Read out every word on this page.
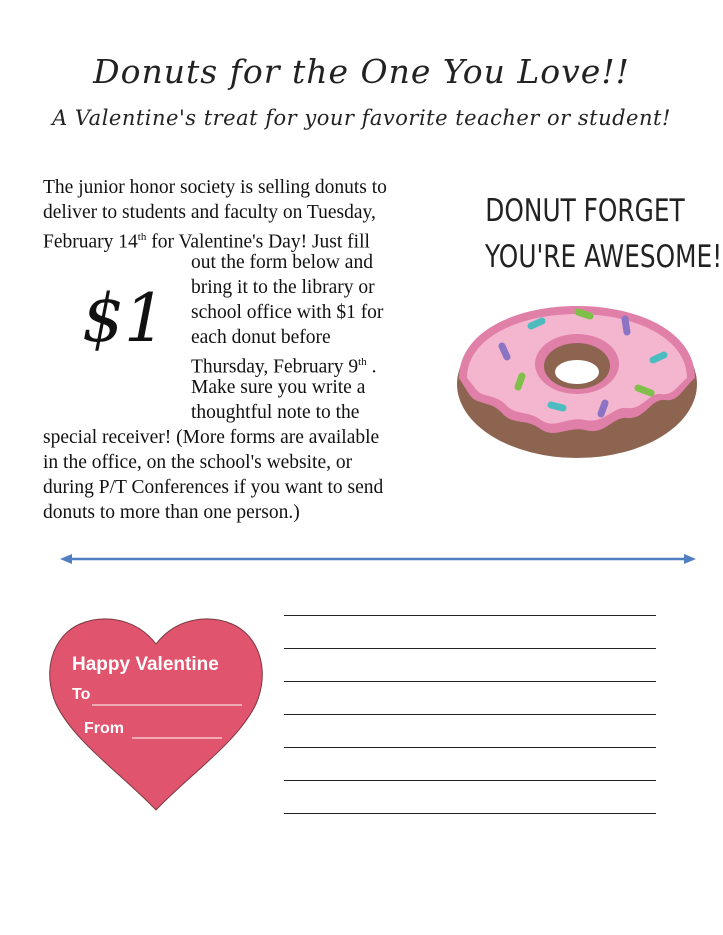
Donuts for the One You Love!!
A Valentine's treat for your favorite teacher or student!
The junior honor society is selling donuts to
deliver to students and faculty on Tuesday,
February 14th for Valentine's Day! Just fill
out the form below and
bring it to the library or
school office with $1 for
each donut before
Thursday, February 9th .
Make sure you write a
thoughtful note to the
special receiver! (More forms are available
in the office, on the school's website, or
during P/T Conferences if you want to send
donuts to more than one person.)
$1
DONUT FORGET
YOU'RE AWESOME!
Happy Valentine
To
From
